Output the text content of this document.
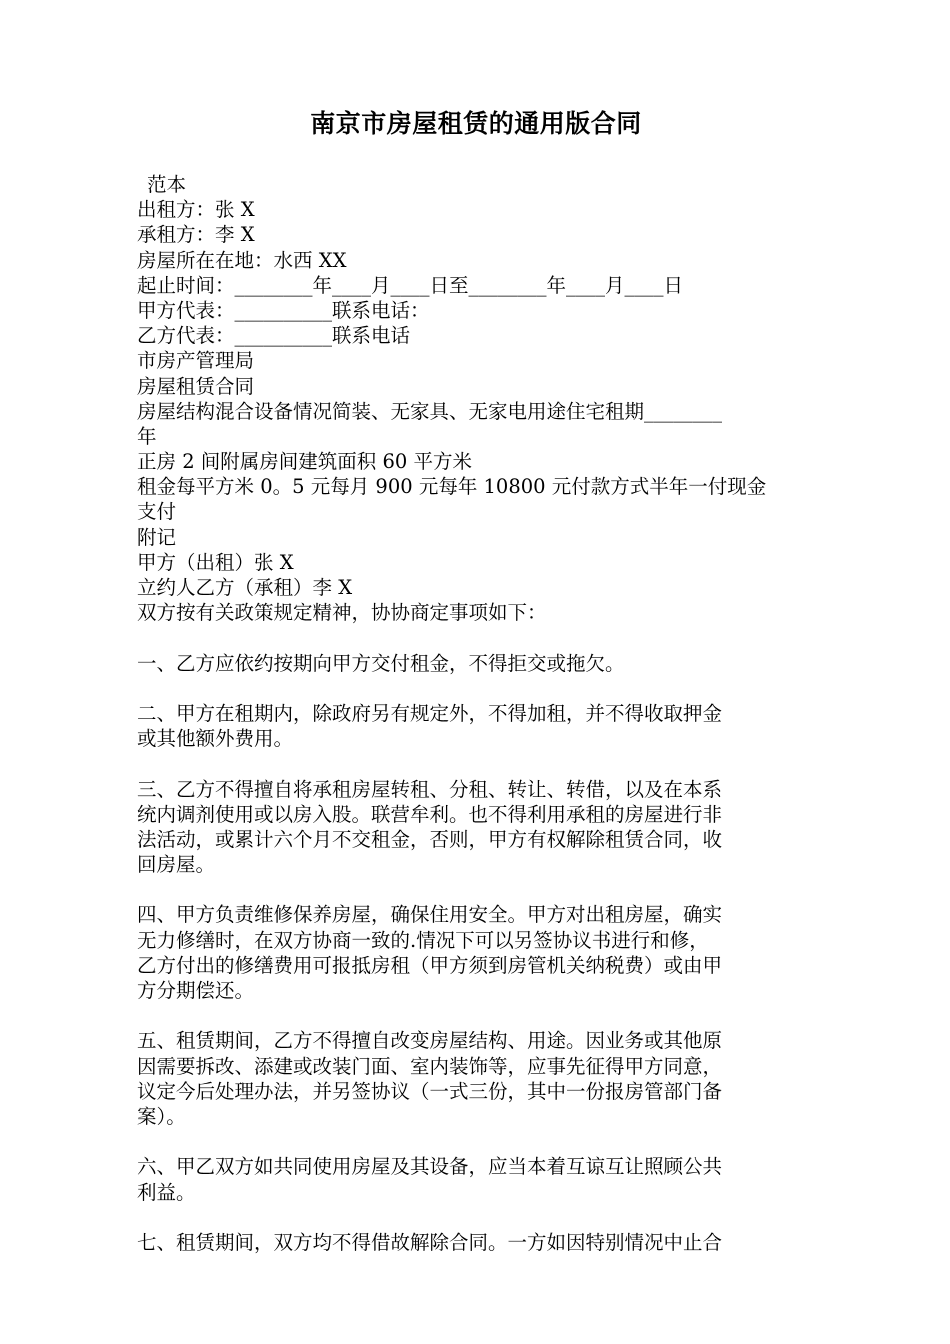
南京市房屋租赁的通用版合同
范本
出租方：张 X
承租方：李 X
房屋所在在地：水西 XX
起止时间：________年____月____日至________年____月____日
甲方代表：__________联系电话：
乙方代表：__________联系电话
市房产管理局
房屋租赁合同
房屋结构混合设备情况简装、无家具、无家电用途住宅租期________
年
正房 2 间附属房间建筑面积 60 平方米
租金每平方米 0。5 元每月 900 元每年 10800 元付款方式半年一付现金
支付
附记
甲方（出租）张 X
立约人乙方（承租）李 X
双方按有关政策规定精神，协协商定事项如下：
一、乙方应依约按期向甲方交付租金，不得拒交或拖欠。
二、甲方在租期内，除政府另有规定外，不得加租，并不得收取押金
或其他额外费用。
三、乙方不得擅自将承租房屋转租、分租、转让、转借，以及在本系
统内调剂使用或以房入股。联营牟利。也不得利用承租的房屋进行非
法活动，或累计六个月不交租金，否则，甲方有权解除租赁合同，收
回房屋。
四、甲方负责维修保养房屋，确保住用安全。甲方对出租房屋，确实
无力修缮时，在双方协商一致的.情况下可以另签协议书进行和修，
乙方付出的修缮费用可报抵房租（甲方须到房管机关纳税费）或由甲
方分期偿还。
五、租赁期间，乙方不得擅自改变房屋结构、用途。因业务或其他原
因需要拆改、添建或改装门面、室内装饰等，应事先征得甲方同意，
议定今后处理办法，并另签协议（一式三份，其中一份报房管部门备
案）。
六、甲乙双方如共同使用房屋及其设备，应当本着互谅互让照顾公共
利益。
七、租赁期间，双方均不得借故解除合同。一方如因特别情况中止合
